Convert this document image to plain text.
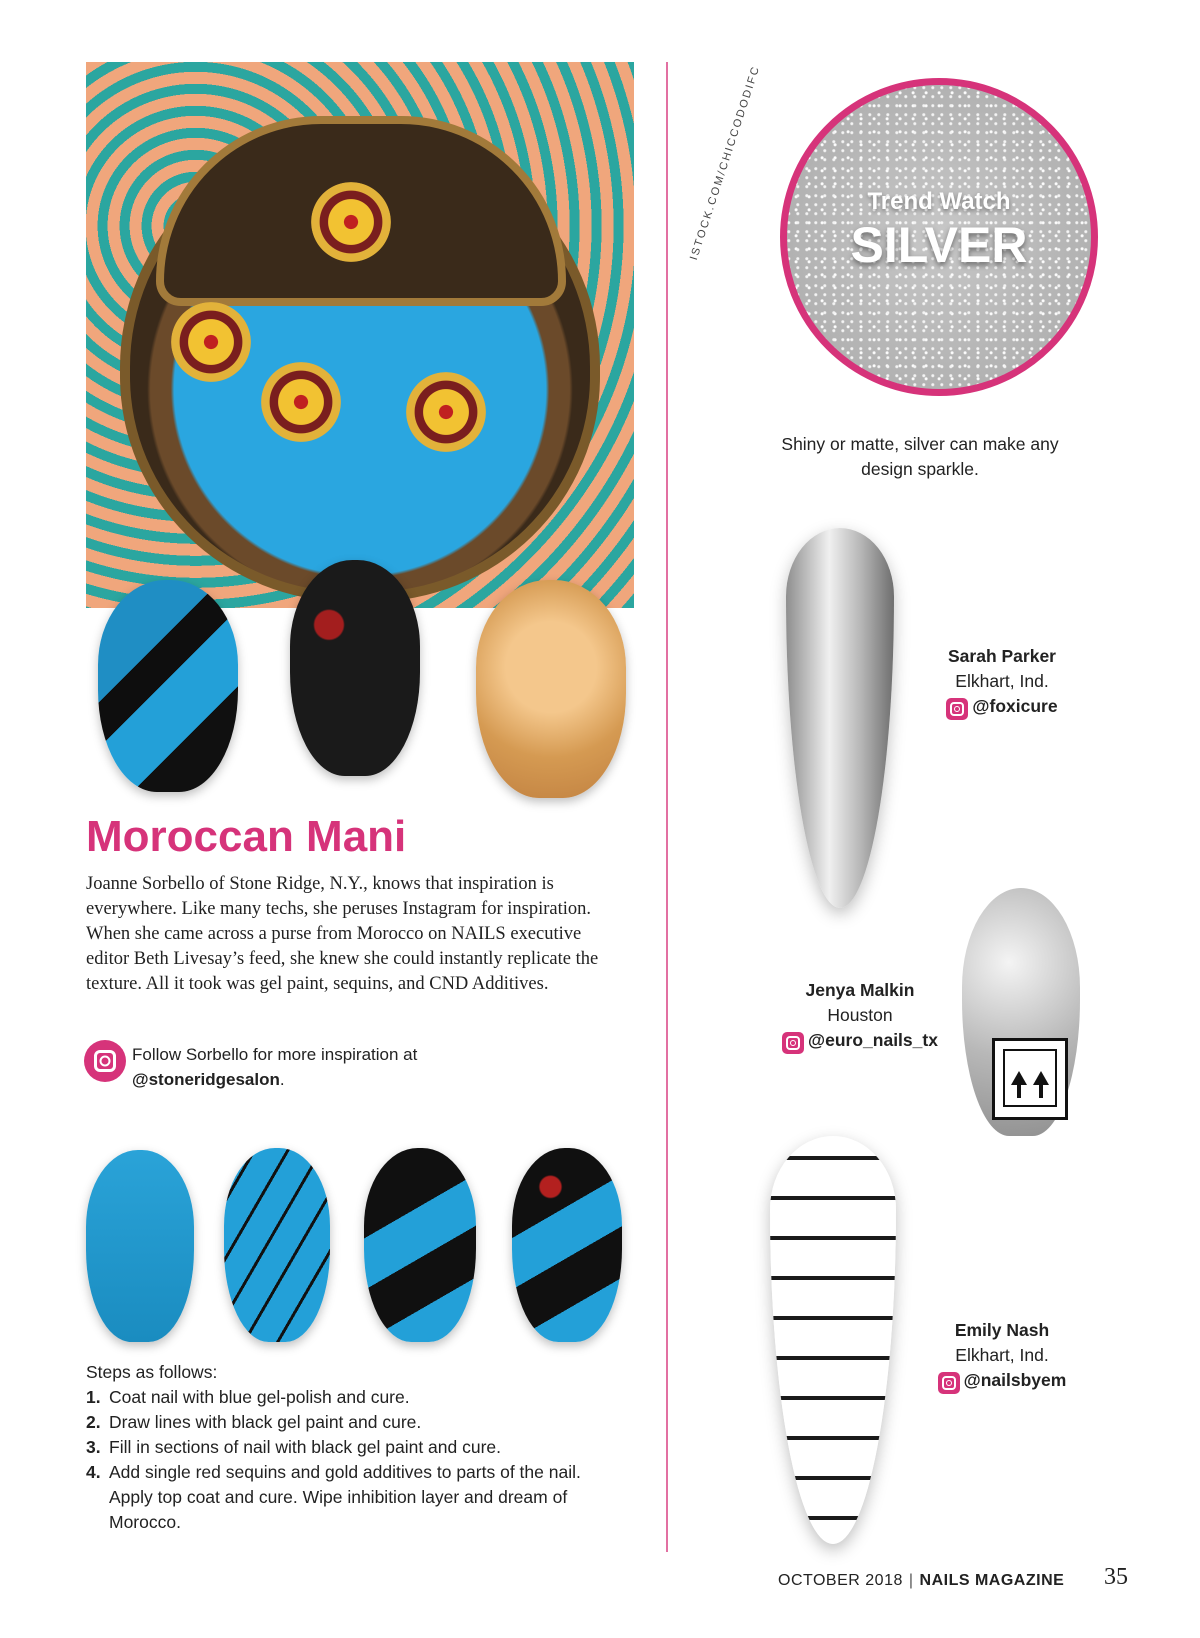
Moroccan Mani

Joanne Sorbello of Stone Ridge, N.Y., knows that inspiration is everywhere. Like many techs, she peruses Instagram for inspiration. When she came across a purse from Morocco on NAILS executive editor Beth Livesay’s feed, she knew she could instantly replicate the texture. All it took was gel paint, sequins, and CND Additives.

Follow Sorbello for more inspiration at
@stoneridgesalon.

Steps as follows:

1. Coat nail with blue gel-polish and cure.
2. Draw lines with black gel paint and cure.
3. Fill in sections of nail with black gel paint and cure.
4. Add single red sequins and gold additives to parts of the nail. Apply top coat and cure. Wipe inhibition layer and dream of Morocco.
Trend Watch
SILVER
ISTOCK.COM/CHICCODODIFC

Shiny or matte, silver can make any design sparkle.

Sarah Parker
Elkhart, Ind.
@foxicure
Jenya Malkin
Houston
@euro_nails_tx
Emily Nash
Elkhart, Ind.
@nailsbyem
OCTOBER 2018 | NAILS MAGAZINE 35
